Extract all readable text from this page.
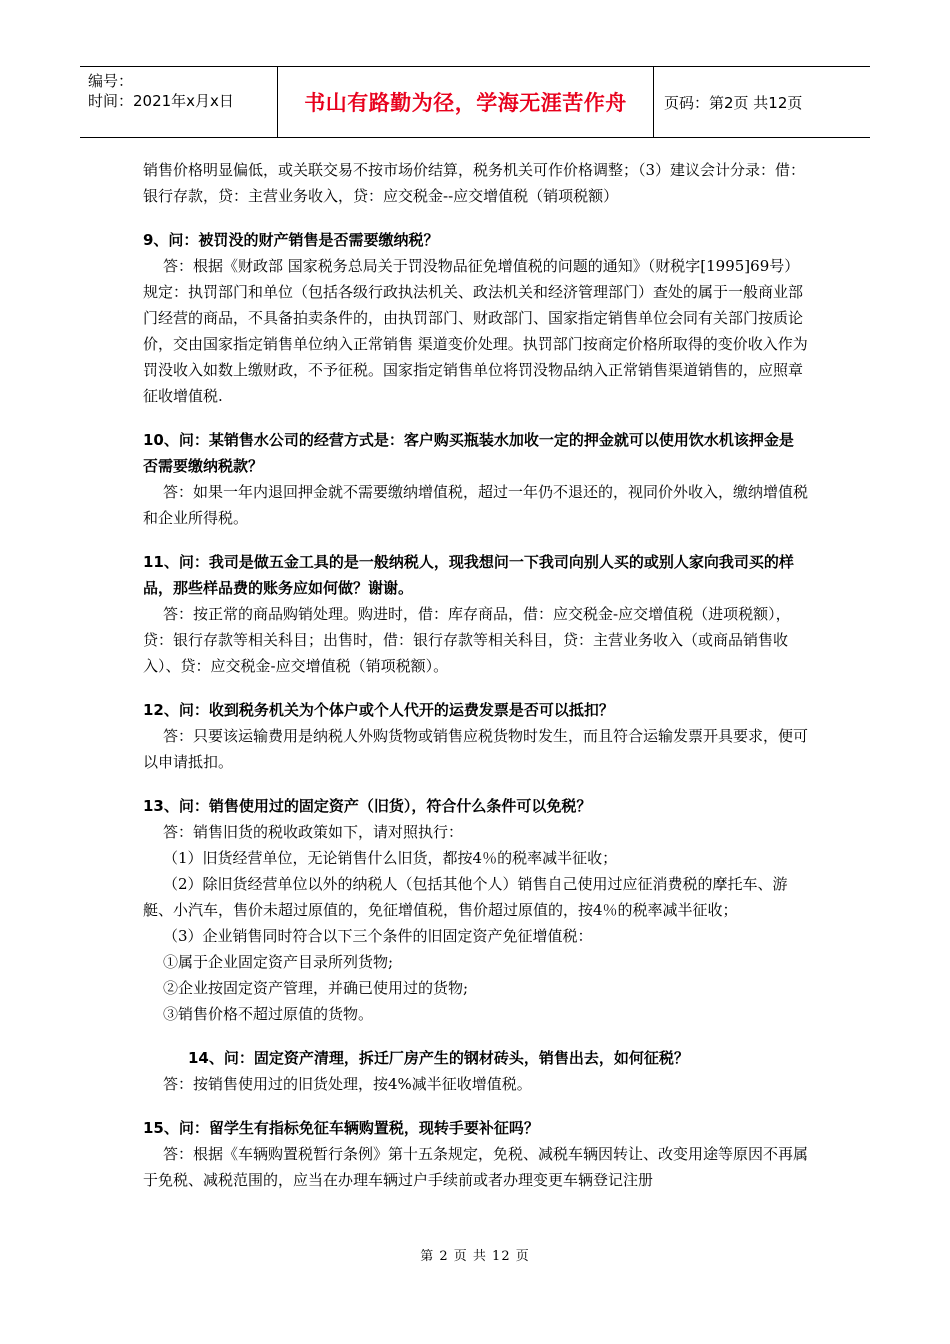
编号：
时间：2021年x月x日	书山有路勤为径，学海无涯苦作舟 页码：第2页 共12页

销售价格明显偏低，或关联交易不按市场价结算，税务机关可作价格调整；（3）建议会计分录：借：银行存款，贷：主营业务收入，贷：应交税金--应交增值税（销项税额）

9、问：被罚没的财产销售是否需要缴纳税？

答：根据《财政部 国家税务总局关于罚没物品征免增值税的问题的通知》（财税字[1995]69号）规定：执罚部门和单位（包括各级行政执法机关、政法机关和经济管理部门）查处的属于一般商业部门经营的商品，不具备拍卖条件的，由执罚部门、财政部门、国家指定销售单位会同有关部门按质论价，交由国家指定销售单位纳入正常销售 渠道变价处理。执罚部门按商定价格所取得的变价收入作为罚没收入如数上缴财政，不予征税。国家指定销售单位将罚没物品纳入正常销售渠道销售的，应照章征收增值税.

10、问：某销售水公司的经营方式是：客户购买瓶装水加收一定的押金就可以使用饮水机该押金是否需要缴纳税款？

答：如果一年内退回押金就不需要缴纳增值税，超过一年仍不退还的，视同价外收入，缴纳增值税和企业所得税。

11、问：我司是做五金工具的是一般纳税人，现我想问一下我司向别人买的或别人家向我司买的样品，那些样品费的账务应如何做？谢谢。

答：按正常的商品购销处理。购进时，借：库存商品，借：应交税金-应交增值税（进项税额），贷：银行存款等相关科目；出售时，借：银行存款等相关科目，贷：主营业务收入（或商品销售收入）、贷：应交税金-应交增值税（销项税额）。

12、问：收到税务机关为个体户或个人代开的运费发票是否可以抵扣？

答：只要该运输费用是纳税人外购货物或销售应税货物时发生，而且符合运输发票开具要求，便可以申请抵扣。

13、问：销售使用过的固定资产（旧货），符合什么条件可以免税？

答：销售旧货的税收政策如下，请对照执行：

（1）旧货经营单位，无论销售什么旧货，都按4％的税率减半征收；

（2）除旧货经营单位以外的纳税人（包括其他个人）销售自己使用过应征消费税的摩托车、游艇、小汽车，售价未超过原值的，免征增值税，售价超过原值的，按4％的税率减半征收；

（3）企业销售同时符合以下三个条件的旧固定资产免征增值税：

①属于企业固定资产目录所列货物;

②企业按固定资产管理，并确已使用过的货物;

③销售价格不超过原值的货物。

14、问：固定资产清理，拆迁厂房产生的钢材砖头，销售出去，如何征税？

答：按销售使用过的旧货处理，按4%减半征收增值税。

15、问：留学生有指标免征车辆购置税，现转手要补征吗？

答：根据《车辆购置税暂行条例》第十五条规定，免税、减税车辆因转让、改变用途等原因不再属于免税、减税范围的，应当在办理车辆过户手续前或者办理变更车辆登记注册

第 2 页 共 12 页
